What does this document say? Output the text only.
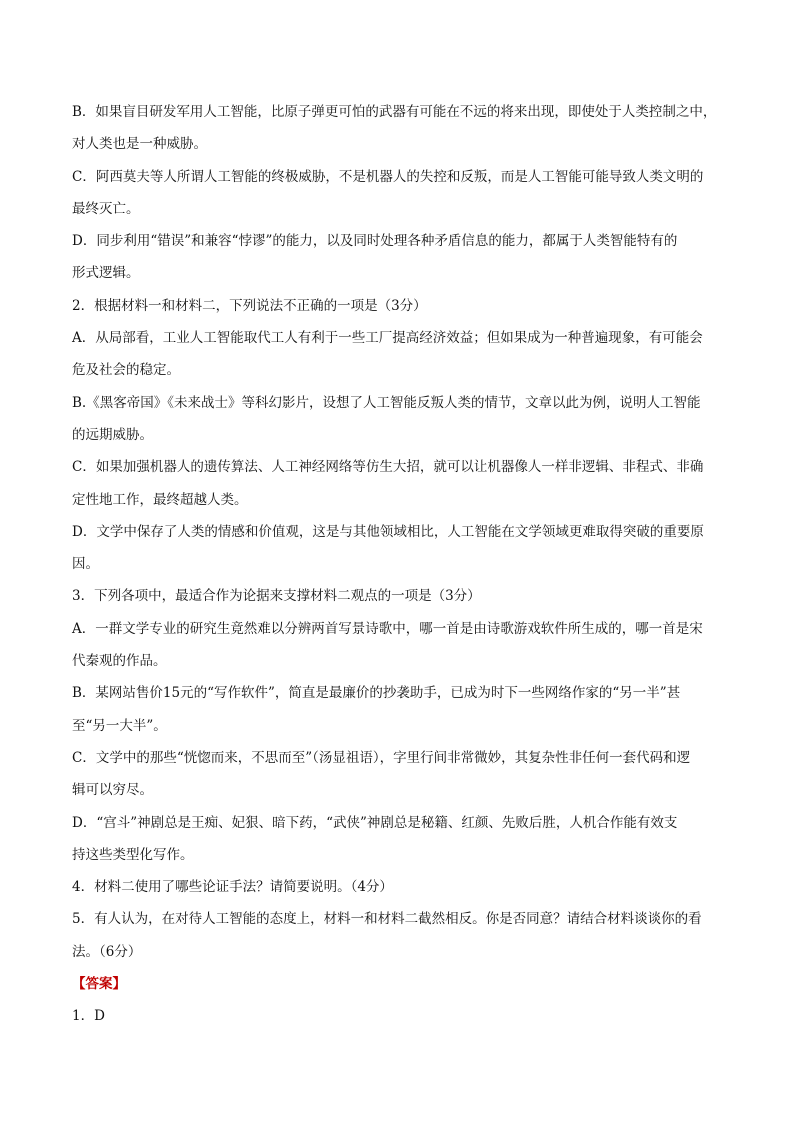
B．如果盲目研发军用人工智能，比原子弹更可怕的武器有可能在不远的将来出现，即使处于人类控制之中，
对人类也是一种威胁。
C．阿西莫夫等人所谓人工智能的终极威胁，不是机器人的失控和反叛，而是人工智能可能导致人类文明的
最终灭亡。
D．同步利用“错误”和兼容“悖谬”的能力，以及同时处理各种矛盾信息的能力，都属于人类智能特有的
形式逻辑。
2．根据材料一和材料二，下列说法不正确的一项是（3分）
A．从局部看，工业人工智能取代工人有利于一些工厂提高经济效益；但如果成为一种普遍现象，有可能会
危及社会的稳定。
B.《黑客帝国》《未来战士》等科幻影片，设想了人工智能反叛人类的情节，文章以此为例，说明人工智能
的远期威胁。
C．如果加强机器人的遗传算法、人工神经网络等仿生大招，就可以让机器像人一样非逻辑、非程式、非确
定性地工作，最终超越人类。
D．文学中保存了人类的情感和价值观，这是与其他领域相比，人工智能在文学领域更难取得突破的重要原
因。
3．下列各项中，最适合作为论据来支撑材料二观点的一项是（3分）
A．一群文学专业的研究生竟然难以分辨两首写景诗歌中，哪一首是由诗歌游戏软件所生成的，哪一首是宋
代秦观的作品。
B．某网站售价15元的“写作软件”，简直是最廉价的抄袭助手，已成为时下一些网络作家的“另一半”甚
至“另一大半”。
C．文学中的那些“恍惚而来，不思而至”（汤显祖语），字里行间非常微妙，其复杂性非任何一套代码和逻
辑可以穷尽。
D．“宫斗”神剧总是王痴、妃狠、暗下药，“武侠”神剧总是秘籍、红颜、先败后胜，人机合作能有效支
持这些类型化写作。
4．材料二使用了哪些论证手法？请简要说明。（4分）
5．有人认为，在对待人工智能的态度上，材料一和材料二截然相反。你是否同意？请结合材料谈谈你的看
法。（6分）
【答案】
1．D
